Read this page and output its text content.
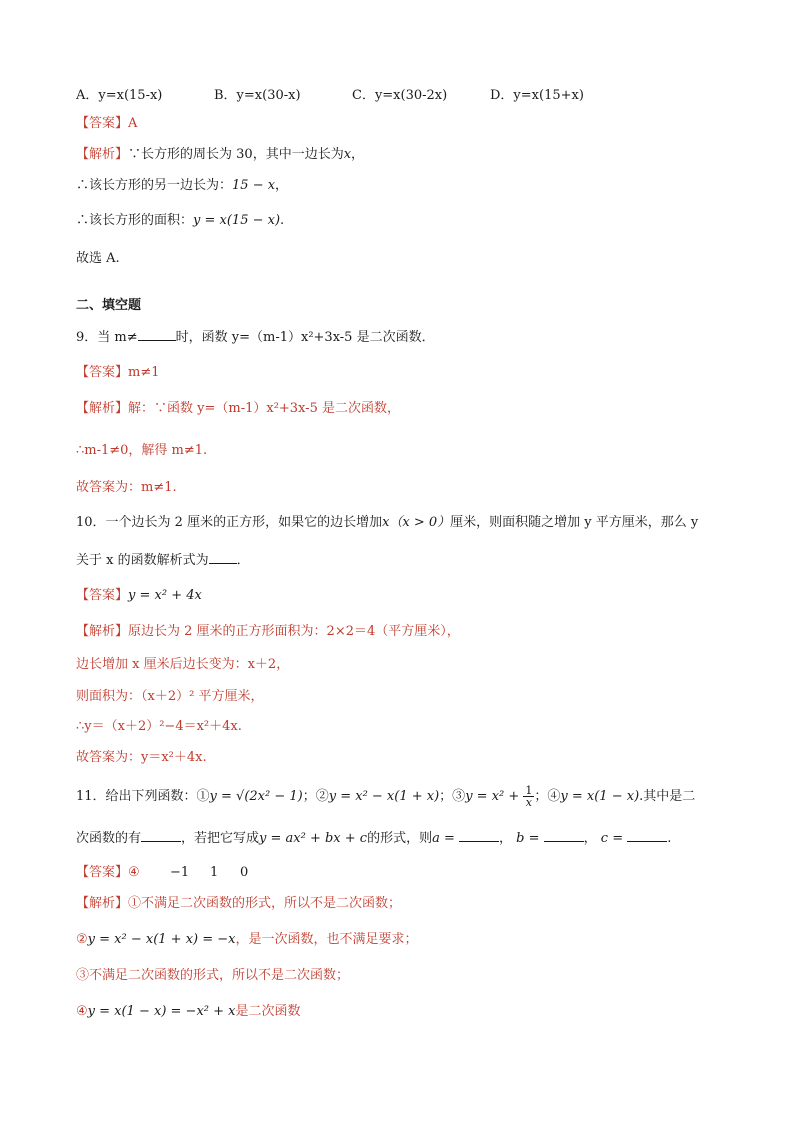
A．y=x(15-x)	B．y=x(30-x)	C．y=x(30-2x)	D．y=x(15+x)
【答案】A
【解析】∵长方形的周长为 30，其中一边长为x，
∴该长方形的另一边长为：15 − x，
∴该长方形的面积：y = x(15 − x).
故选 A.
二、填空题
9．当 m≠	时，函数 y=（m-1）x²+3x-5 是二次函数．
【答案】m≠1
【解析】解：∵函数 y=（m-1）x²+3x-5 是二次函数，
∴m-1≠0，解得 m≠1.
故答案为：m≠1.
10．一个边长为 2 厘米的正方形，如果它的边长增加x（x > 0）厘米，则面积随之增加 y 平方厘米，那么 y
关于 x 的函数解析式为 ．
【答案】y = x² + 4x
【解析】原边长为 2 厘米的正方形面积为：2×2＝4（平方厘米），
边长增加 x 厘米后边长变为：x＋2，
则面积为：（x＋2）² 平方厘米，
∴y＝（x＋2）²−4＝x²＋4x.
故答案为：y＝x²＋4x.
11．给出下列函数：①y = √(2x² − 1)；②y = x² − x(1 + x)；③y = $x^2 + \frac{1}{x}$ ；④y = x(1 − x).其中是二
次函数的有	，若把它写成y = ax² + bx + c的形式，则a =	， b =	， c =	.
【答案】④ −1 1 0
【解析】①不满足二次函数的形式，所以不是二次函数；
②y = x² − x(1 + x) = −x，是一次函数，也不满足要求；
③不满足二次函数的形式，所以不是二次函数；
④y = x(1 − x) = −x² + x是二次函数
